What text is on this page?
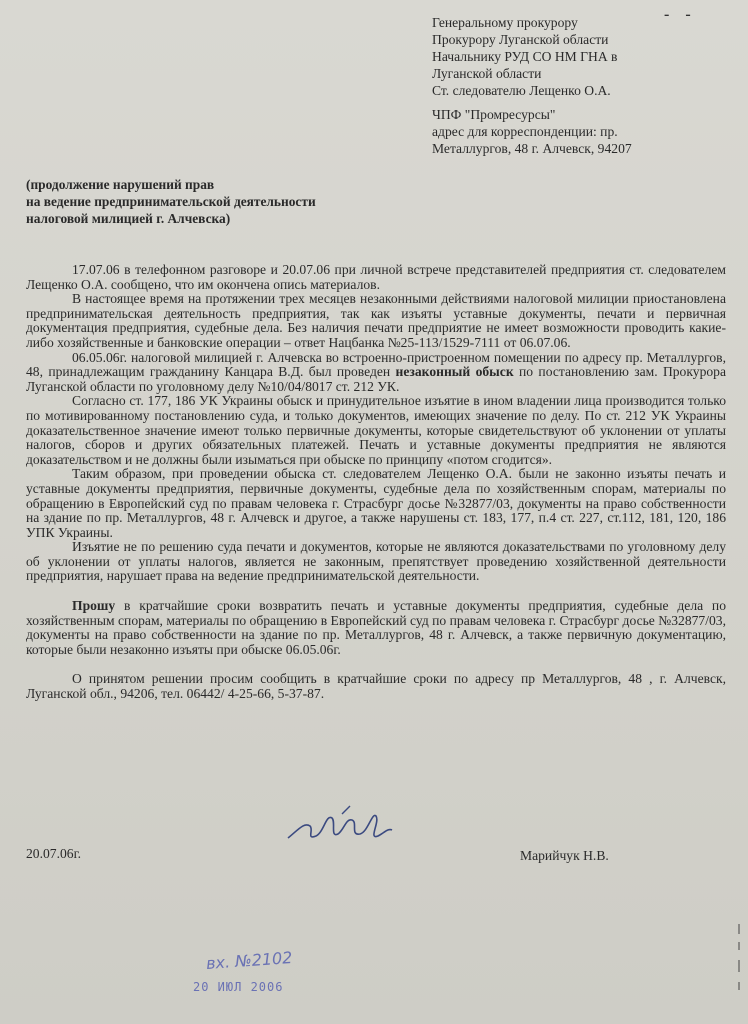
- -
Генеральному прокурору
Прокурору Луганской области
Начальнику РУД СО НМ ГНА в
Луганской области
Ст. следователю Лещенко О.А.
ЧПФ "Промресурсы"
адрес для корреспонденции: пр.
Металлургов, 48 г. Алчевск, 94207
(продолжение нарушений прав
на ведение предпринимательской деятельности
налоговой милицией г. Алчевска)

17.07.06 в телефонном разговоре и 20.07.06 при личной встрече представителей предприятия ст. следователем Лещенко О.А. сообщено, что им окончена опись материалов.

В настоящее время на протяжении трех месяцев незаконными действиями налоговой милиции приостановлена предпринимательская деятельность предприятия, так как изъяты уставные документы, печати и первичная документация предприятия, судебные дела. Без наличия печати предприятие не имеет возможности проводить какие-либо хозяйственные и банковские операции – ответ Нацбанка №25-113/1529-7111 от 06.07.06.

06.05.06г. налоговой милицией г. Алчевска во встроенно-пристроенном помещении по адресу пр. Металлургов, 48, принадлежащим гражданину Канцара В.Д. был проведен незаконный обыск по постановлению зам. Прокурора Луганской области по уголовному делу №10/04/8017 ст. 212 УК.

Согласно ст. 177, 186 УК Украины обыск и принудительное изъятие в ином владении лица производится только по мотивированному постановлению суда, и только документов, имеющих значение по делу. По ст. 212 УК Украины доказательственное значение имеют только первичные документы, которые свидетельствуют об уклонении от уплаты налогов, сборов и других обязательных платежей. Печать и уставные документы предприятия не являются доказательством и не должны были изыматься при обыске по принципу «потом сгодится».

Таким образом, при проведении обыска ст. следователем Лещенко О.А. были не законно изъяты печать и уставные документы предприятия, первичные документы, судебные дела по хозяйственным спорам, материалы по обращению в Европейский суд по правам человека г. Страсбург досье №32877/03, документы на право собственности на здание по пр. Металлургов, 48 г. Алчевск и другое, а также нарушены ст. 183, 177, п.4 ст. 227, ст.112, 181, 120, 186 УПК Украины.

Изъятие не по решению суда печати и документов, которые не являются доказательствами по уголовному делу об уклонении от уплаты налогов, является не законным, препятствует проведению хозяйственной деятельности предприятия, нарушает права на ведение предпринимательской деятельности.

Прошу в кратчайшие сроки возвратить печать и уставные документы предприятия, судебные дела по хозяйственным спорам, материалы по обращению в Европейский суд по правам человека г. Страсбург досье №32877/03, документы на право собственности на здание по пр. Металлургов, 48 г. Алчевск, а также первичную документацию, которые были незаконно изъяты при обыске 06.05.06г.

О принятом решении просим сообщить в кратчайшие сроки по адресу пр Металлургов, 48 , г. Алчевск, Луганской обл., 94206, тел. 06442/ 4-25-66, 5-37-87.

20.07.06г.	Марийчук Н.В.
вх. №2102
20 ИЮЛ 2006
